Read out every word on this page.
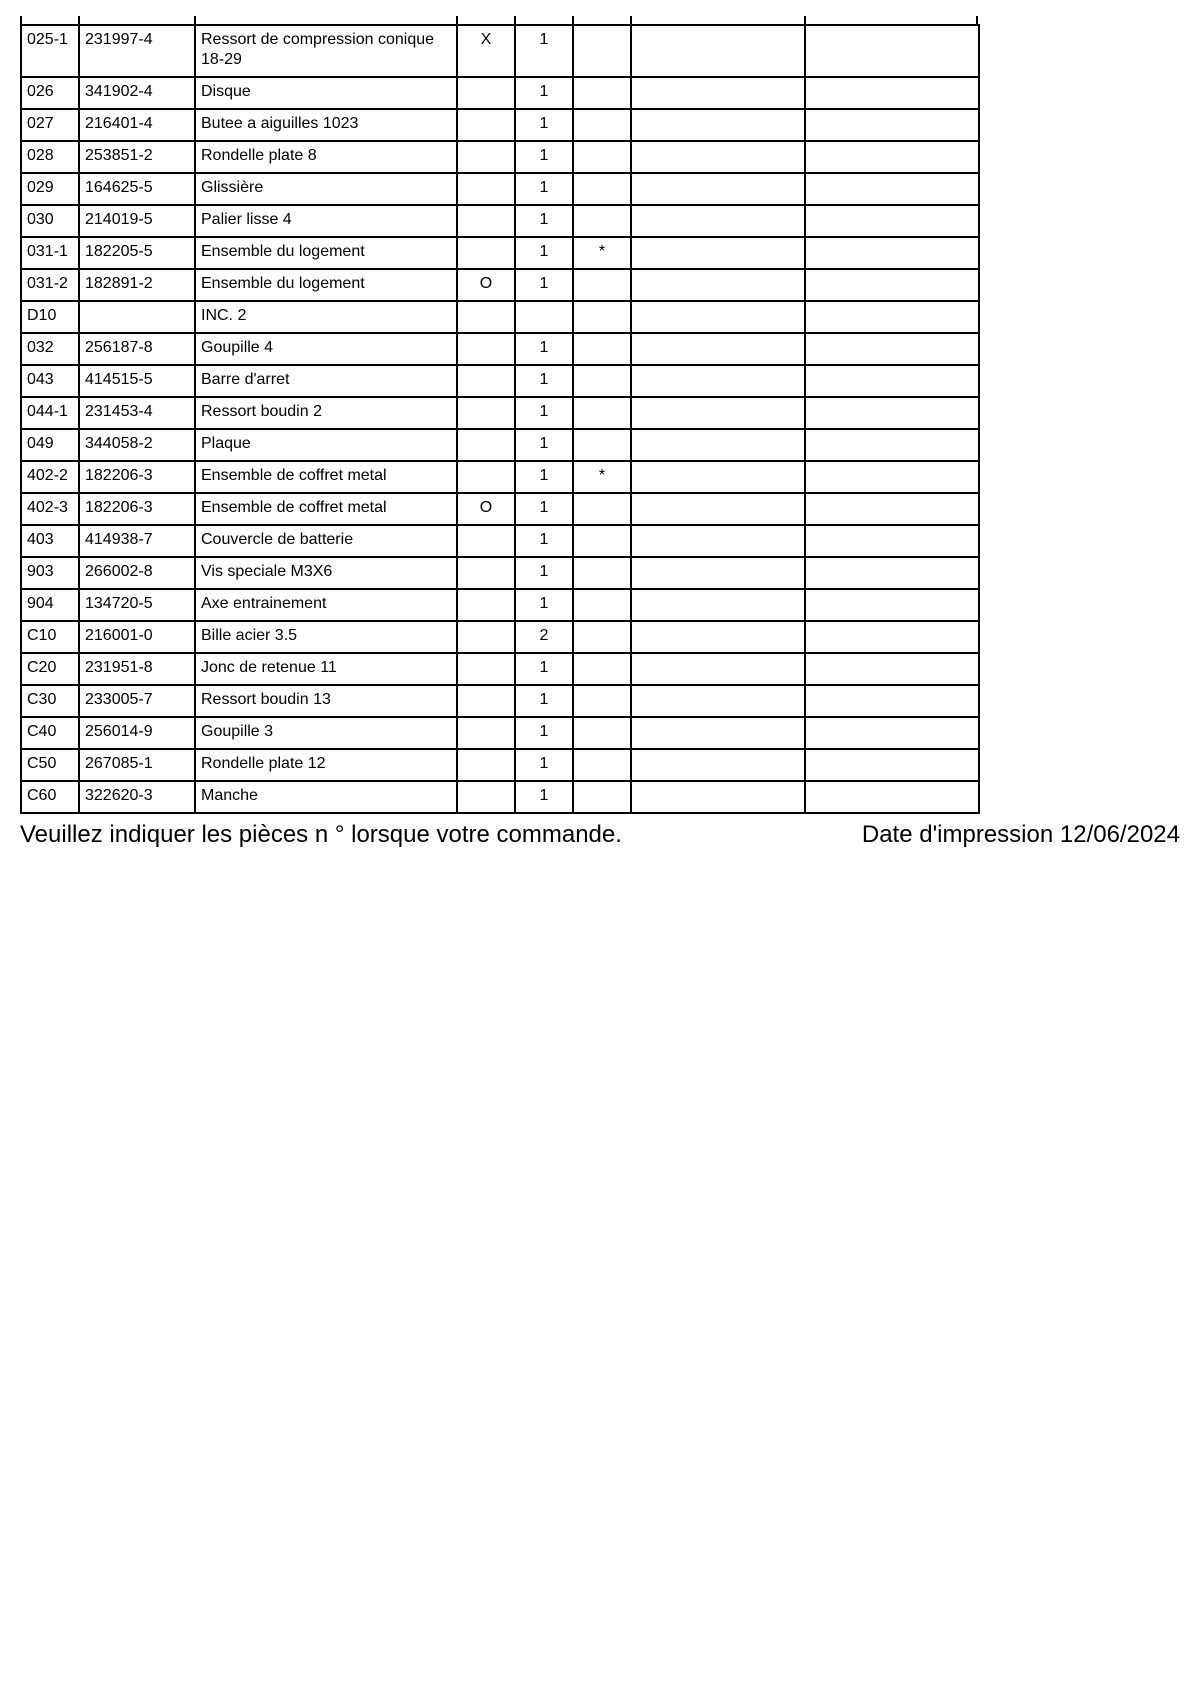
025-1	231997-4	Ressort de compression conique 18-29	X	1			
026	341902-4	Disque		1			
027	216401-4	Butee a aiguilles 1023		1			
028	253851-2	Rondelle plate 8		1			
029	164625-5	Glissière		1			
030	214019-5	Palier lisse 4		1			
031-1	182205-5	Ensemble du logement		1	*		
031-2	182891-2	Ensemble du logement	O	1			
D10		INC. 2					
032	256187-8	Goupille 4		1			
043	414515-5	Barre d'arret		1			
044-1	231453-4	Ressort boudin 2		1			
049	344058-2	Plaque		1			
402-2	182206-3	Ensemble de coffret metal		1	*		
402-3	182206-3	Ensemble de coffret metal	O	1			
403	414938-7	Couvercle de batterie		1			
903	266002-8	Vis speciale M3X6		1			
904	134720-5	Axe entrainement		1			
C10	216001-0	Bille acier 3.5		2			
C20	231951-8	Jonc de retenue 11		1			
C30	233005-7	Ressort boudin 13		1			
C40	256014-9	Goupille 3		1			
C50	267085-1	Rondelle plate 12		1			
C60	322620-3	Manche		1			
Veuillez indiquer les pièces n ° lorsque votre commande.	Date d'impression 12/06/2024
